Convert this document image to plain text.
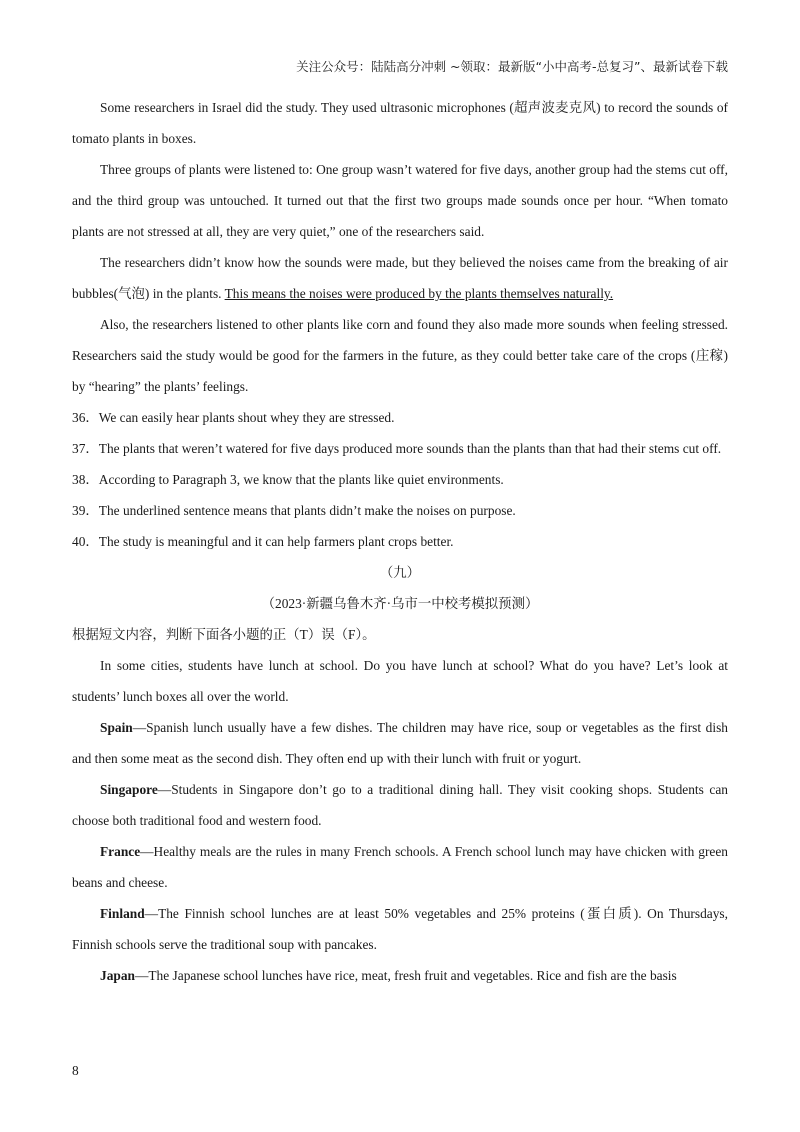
关注公众号：陆陆高分冲刺 ~领取：最新版“小中高考-总复习”、最新试卷下载

Some researchers in Israel did the study. They used ultrasonic microphones (超声波麦克风) to record the sounds of tomato plants in boxes.

Three groups of plants were listened to: One group wasn’t watered for five days, another group had the stems cut off, and the third group was untouched. It turned out that the first two groups made sounds once per hour. “When tomato plants are not stressed at all, they are very quiet,” one of the researchers said.

The researchers didn’t know how the sounds were made, but they believed the noises came from the breaking of air bubbles(气泡) in the plants. This means the noises were produced by the plants themselves naturally.

Also, the researchers listened to other plants like corn and found they also made more sounds when feeling stressed. Researchers said the study would be good for the farmers in the future, as they could better take care of the crops (庄稼) by “hearing” the plants’ feelings.

36．We can easily hear plants shout whey they are stressed.

37．The plants that weren’t watered for five days produced more sounds than the plants than that had their stems cut off.

38．According to Paragraph 3, we know that the plants like quiet environments.

39．The underlined sentence means that plants didn’t make the noises on purpose.

40．The study is meaningful and it can help farmers plant crops better.

（九）

（2023·新疆乌鲁木齐·乌市一中校考模拟预测）

根据短文内容，判断下面各小题的正（T）误（F）。

In some cities, students have lunch at school. Do you have lunch at school? What do you have? Let’s look at students’ lunch boxes all over the world.

Spain—Spanish lunch usually have a few dishes. The children may have rice, soup or vegetables as the first dish and then some meat as the second dish. They often end up with their lunch with fruit or yogurt.

Singapore—Students in Singapore don’t go to a traditional dining hall. They visit cooking shops. Students can choose both traditional food and western food.

France—Healthy meals are the rules in many French schools. A French school lunch may have chicken with green beans and cheese.

Finland—The Finnish school lunches are at least 50% vegetables and 25% proteins (蛋白质). On Thursdays, Finnish schools serve the traditional soup with pancakes.

Japan—The Japanese school lunches have rice, meat, fresh fruit and vegetables. Rice and fish are the basis

8
